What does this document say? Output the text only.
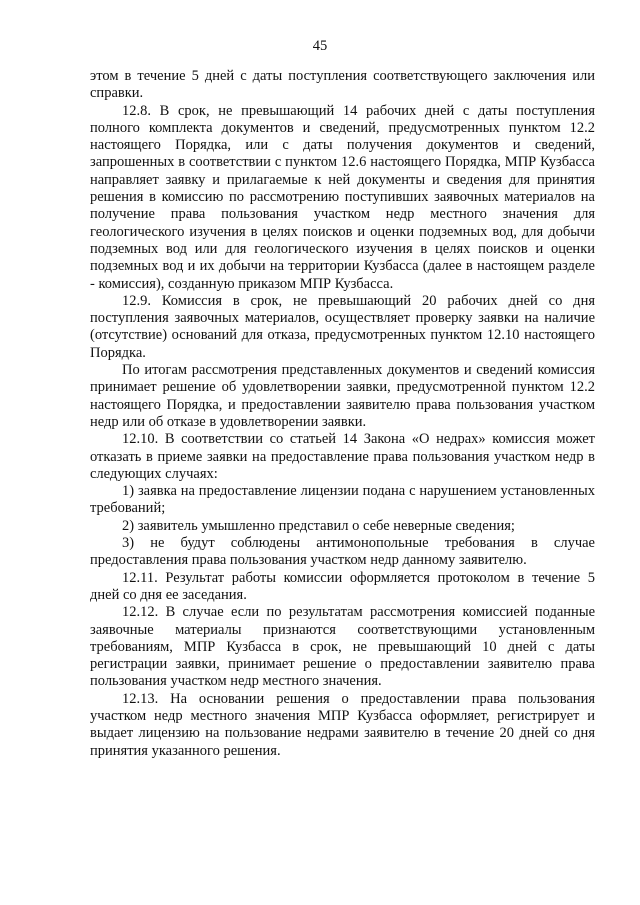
45

этом в течение 5 дней с даты поступления соответствующего заключения или справки.

12.8. В срок, не превышающий 14 рабочих дней с даты поступления полного комплекта документов и сведений, предусмотренных пунктом 12.2 настоящего Порядка, или с даты получения документов и сведений, запрошенных в соответствии с пунктом 12.6 настоящего Порядка, МПР Кузбасса направляет заявку и прилагаемые к ней документы и сведения для принятия решения в комиссию по рассмотрению поступивших заявочных материалов на получение права пользования участком недр местного значения для геологического изучения в целях поисков и оценки подземных вод, для добычи подземных вод или для геологического изучения в целях поисков и оценки подземных вод и их добычи на территории Кузбасса (далее в настоящем разделе - комиссия), созданную приказом МПР Кузбасса.

12.9. Комиссия в срок, не превышающий 20 рабочих дней со дня поступления заявочных материалов, осуществляет проверку заявки на наличие (отсутствие) оснований для отказа, предусмотренных пунктом 12.10 настоящего Порядка.

По итогам рассмотрения представленных документов и сведений комиссия принимает решение об удовлетворении заявки, предусмотренной пунктом 12.2 настоящего Порядка, и предоставлении заявителю права пользования участком недр или об отказе в удовлетворении заявки.

12.10. В соответствии со статьей 14 Закона «О недрах» комиссия может отказать в приеме заявки на предоставление права пользования участком недр в следующих случаях:

1) заявка на предоставление лицензии подана с нарушением установленных требований;

2) заявитель умышленно представил о себе неверные сведения;

3) не будут соблюдены антимонопольные требования в случае предоставления права пользования участком недр данному заявителю.

12.11. Результат работы комиссии оформляется протоколом в течение 5 дней со дня ее заседания.

12.12. В случае если по результатам рассмотрения комиссией поданные заявочные материалы признаются соответствующими установленным требованиям, МПР Кузбасса в срок, не превышающий 10 дней с даты регистрации заявки, принимает решение о предоставлении заявителю права пользования участком недр местного значения.

12.13. На основании решения о предоставлении права пользования участком недр местного значения МПР Кузбасса оформляет, регистрирует и выдает лицензию на пользование недрами заявителю в течение 20 дней со дня принятия указанного решения.
